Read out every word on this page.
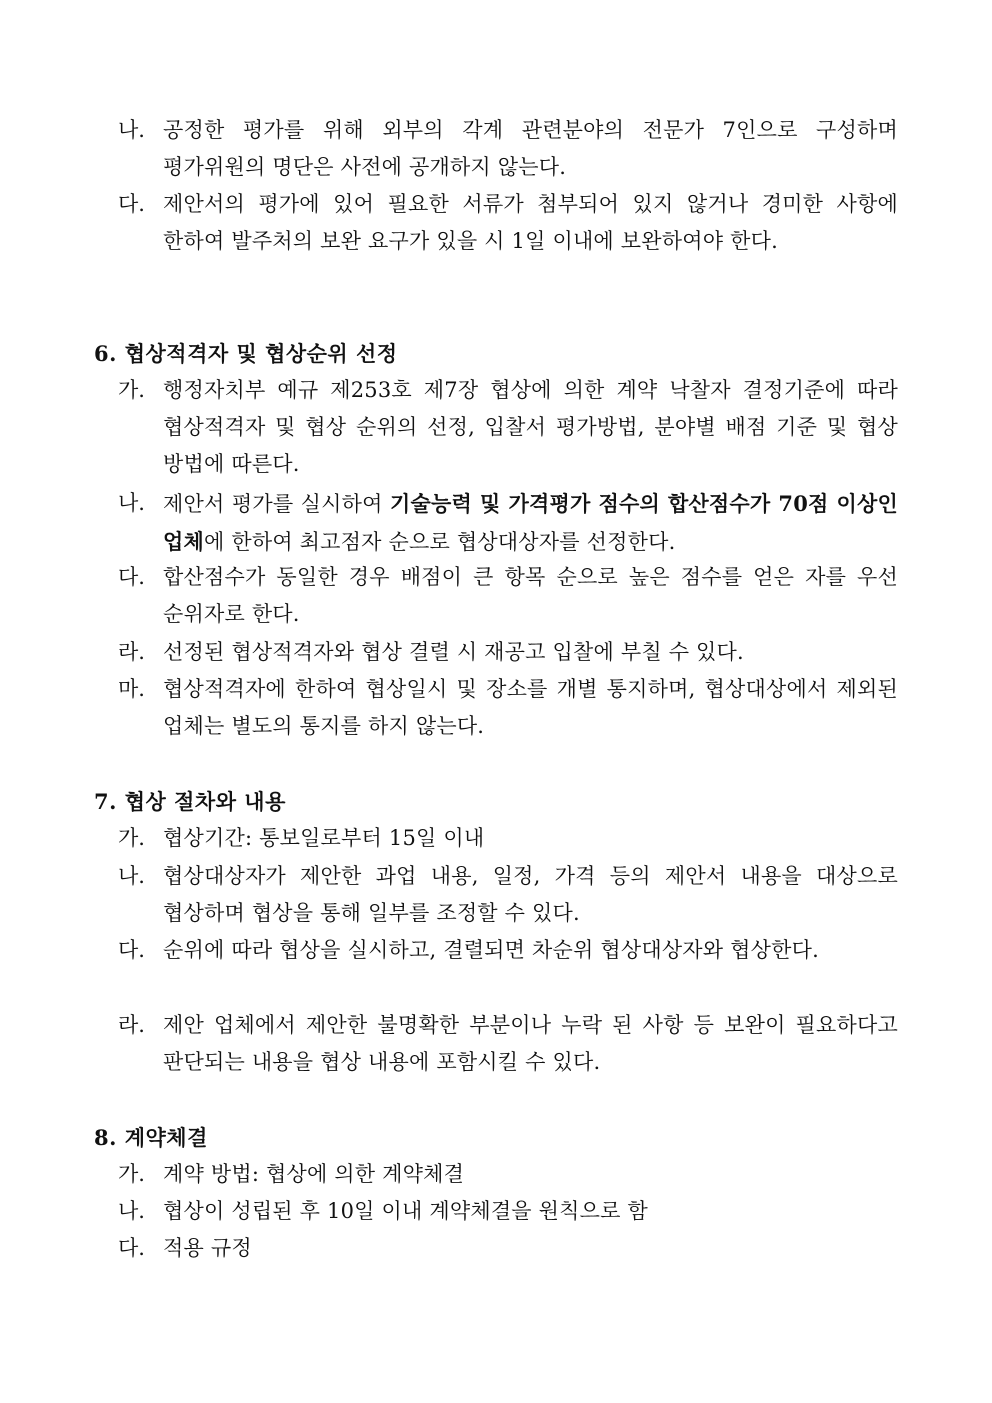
나. 공정한 평가를 위해 외부의 각계 관련분야의 전문가 7인으로 구성하며 평가위원의 명단은 사전에 공개하지 않는다.
다. 제안서의 평가에 있어 필요한 서류가 첨부되어 있지 않거나 경미한 사항에 한하여 발주처의 보완 요구가 있을 시 1일 이내에 보완하여야 한다.
6. 협상적격자 및 협상순위 선정
가. 행정자치부 예규 제253호 제7장 협상에 의한 계약 낙찰자 결정기준에 따라 협상적격자 및 협상 순위의 선정, 입찰서 평가방법, 분야별 배점 기준 및 협상 방법에 따른다.
나. 제안서 평가를 실시하여 기술능력 및 가격평가 점수의 합산점수가 70점 이상인 업체에 한하여 최고점자 순으로 협상대상자를 선정한다.
다. 합산점수가 동일한 경우 배점이 큰 항목 순으로 높은 점수를 얻은 자를 우선 순위자로 한다.
라. 선정된 협상적격자와 협상 결렬 시 재공고 입찰에 부칠 수 있다.
마. 협상적격자에 한하여 협상일시 및 장소를 개별 통지하며, 협상대상에서 제외된 업체는 별도의 통지를 하지 않는다.
7. 협상 절차와 내용
가. 협상기간: 통보일로부터 15일 이내
나. 협상대상자가 제안한 과업 내용, 일정, 가격 등의 제안서 내용을 대상으로 협상하며 협상을 통해 일부를 조정할 수 있다.
다. 순위에 따라 협상을 실시하고, 결렬되면 차순위 협상대상자와 협상한다.
라. 제안 업체에서 제안한 불명확한 부분이나 누락 된 사항 등 보완이 필요하다고 판단되는 내용을 협상 내용에 포함시킬 수 있다.
8. 계약체결
가. 계약 방법: 협상에 의한 계약체결
나. 협상이 성립된 후 10일 이내 계약체결을 원칙으로 함
다. 적용 규정
